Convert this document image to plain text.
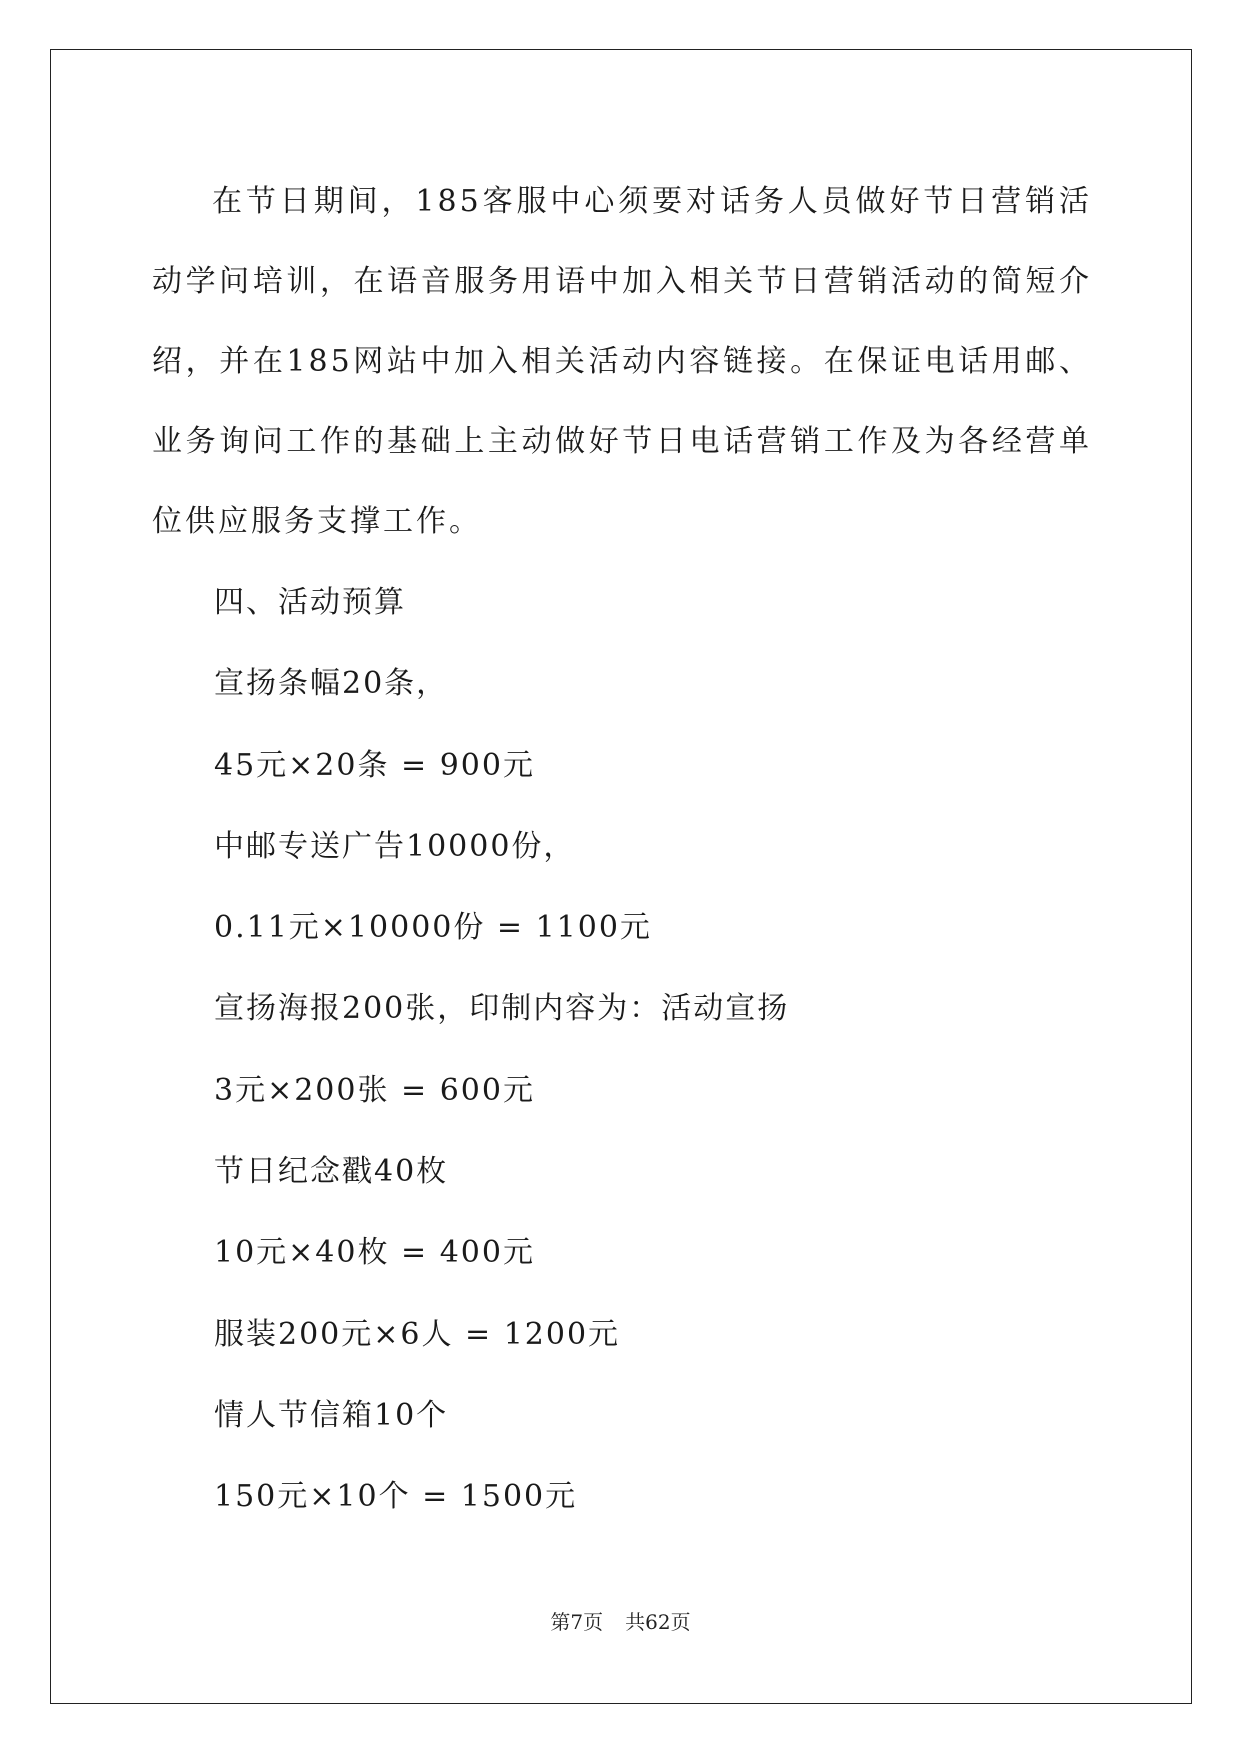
在节日期间，185客服中心须要对话务人员做好节日营销活动学问培训，在语音服务用语中加入相关节日营销活动的简短介绍，并在185网站中加入相关活动内容链接。在保证电话用邮、业务询问工作的基础上主动做好节日电话营销工作及为各经营单位供应服务支撑工作。

四、活动预算

宣扬条幅20条，

45元×20条 = 900元

中邮专送广告10000份，

0.11元×10000份 = 1100元

宣扬海报200张，印制内容为：活动宣扬

3元×200张 = 600元

节日纪念戳40枚

10元×40枚 = 400元

服装200元×6人 = 1200元

情人节信箱10个

150元×10个 = 1500元

第7页 共62页
